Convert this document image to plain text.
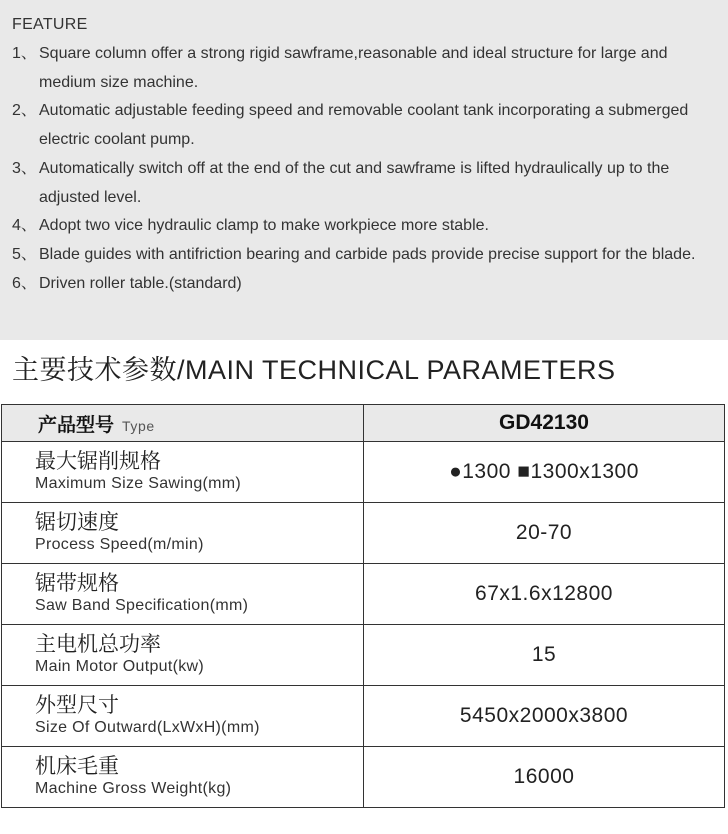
FEATURE
1、 Square column offer a strong rigid sawframe,reasonable and ideal structure for large and medium size machine.
2、 Automatic adjustable feeding speed and removable coolant tank incorporating a submerged electric coolant pump.
3、 Automatically switch off at the end of the cut and sawframe is lifted hydraulically up to the adjusted level.
4、 Adopt two vice hydraulic clamp to make workpiece more stable.
5、 Blade guides with antifriction bearing and carbide pads provide precise support for the blade.
6、 Driven roller table.(standard)
主要技术参数/MAIN TECHNICAL PARAMETERS
产品型号 Type	GD42130

最大锯削规格
Maximum Size Sawing(mm)	●1300 ■1300x1300

锯切速度
Process Speed(m/min)	20-70

锯带规格
Saw Band Specification(mm)	67x1.6x12800

主电机总功率
Main Motor Output(kw)	15

外型尺寸
Size Of Outward(LxWxH)(mm)	5450x2000x3800

机床毛重
Machine Gross Weight(kg)	16000
